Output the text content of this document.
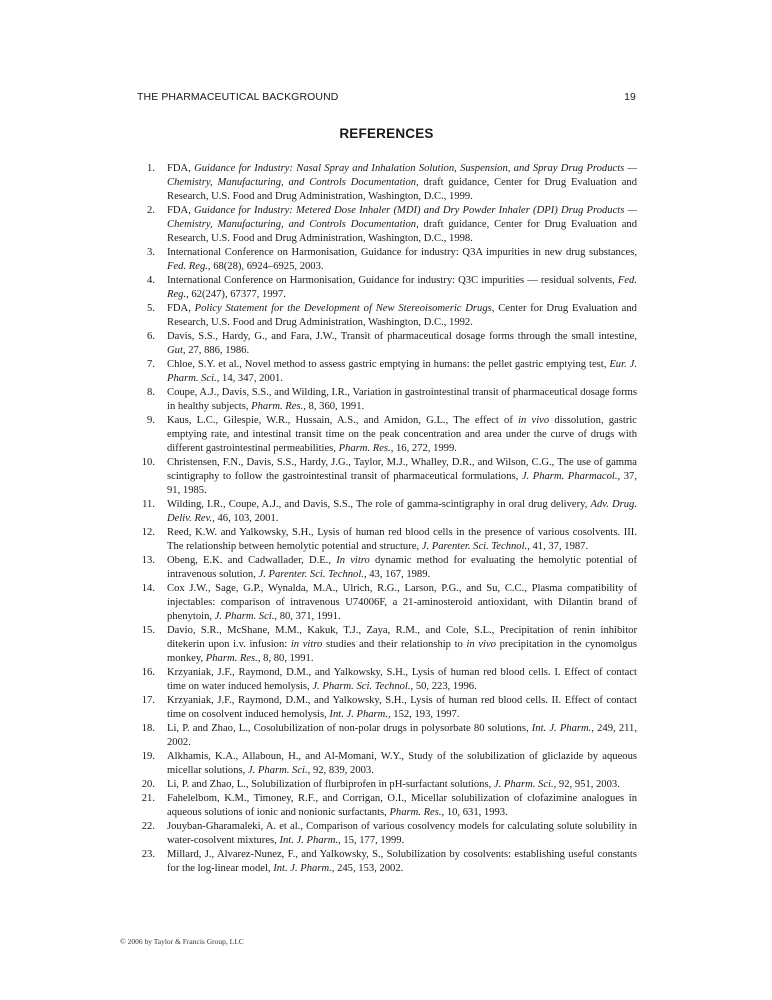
THE PHARMACEUTICAL BACKGROUND	19
REFERENCES
1. FDA, Guidance for Industry: Nasal Spray and Inhalation Solution, Suspension, and Spray Drug Products — Chemistry, Manufacturing, and Controls Documentation, draft guidance, Center for Drug Evaluation and Research, U.S. Food and Drug Administration, Washington, D.C., 1999.
2. FDA, Guidance for Industry: Metered Dose Inhaler (MDI) and Dry Powder Inhaler (DPI) Drug Products — Chemistry, Manufacturing, and Controls Documentation, draft guidance, Center for Drug Evaluation and Research, U.S. Food and Drug Administration, Washington, D.C., 1998.
3. International Conference on Harmonisation, Guidance for industry: Q3A impurities in new drug substances, Fed. Reg., 68(28), 6924–6925, 2003.
4. International Conference on Harmonisation, Guidance for industry: Q3C impurities — residual solvents, Fed. Reg., 62(247), 67377, 1997.
5. FDA, Policy Statement for the Development of New Stereoisomeric Drugs, Center for Drug Evaluation and Research, U.S. Food and Drug Administration, Washington, D.C., 1992.
6. Davis, S.S., Hardy, G., and Fara, J.W., Transit of pharmaceutical dosage forms through the small intestine, Gut, 27, 886, 1986.
7. Chloe, S.Y. et al., Novel method to assess gastric emptying in humans: the pellet gastric emptying test, Eur. J. Pharm. Sci., 14, 347, 2001.
8. Coupe, A.J., Davis, S.S., and Wilding, I.R., Variation in gastrointestinal transit of pharmaceutical dosage forms in healthy subjects, Pharm. Res., 8, 360, 1991.
9. Kaus, L.C., Gilespie, W.R., Hussain, A.S., and Amidon, G.L., The effect of in vivo dissolution, gastric emptying rate, and intestinal transit time on the peak concentration and area under the curve of drugs with different gastrointestinal permeabilities, Pharm. Res., 16, 272, 1999.
10. Christensen, F.N., Davis, S.S., Hardy, J.G., Taylor, M.J., Whalley, D.R., and Wilson, C.G., The use of gamma scintigraphy to follow the gastrointestinal transit of pharmaceutical formulations, J. Pharm. Pharmacol., 37, 91, 1985.
11. Wilding, I.R., Coupe, A.J., and Davis, S.S., The role of gamma-scintigraphy in oral drug delivery, Adv. Drug. Deliv. Rev., 46, 103, 2001.
12. Reed, K.W. and Yalkowsky, S.H., Lysis of human red blood cells in the presence of various cosolvents. III. The relationship between hemolytic potential and structure, J. Parenter. Sci. Technol., 41, 37, 1987.
13. Obeng, E.K. and Cadwallader, D.E., In vitro dynamic method for evaluating the hemolytic potential of intravenous solution, J. Parenter. Sci. Technol., 43, 167, 1989.
14. Cox J.W., Sage, G.P., Wynalda, M.A., Ulrich, R.G., Larson, P.G., and Su, C.C., Plasma compatibility of injectables: comparison of intravenous U74006F, a 21-aminosteroid antioxidant, with Dilantin brand of phenytoin, J. Pharm. Sci., 80, 371, 1991.
15. Davio, S.R., McShane, M.M., Kakuk, T.J., Zaya, R.M., and Cole, S.L., Precipitation of renin inhibitor ditekerin upon i.v. infusion: in vitro studies and their relationship to in vivo precipitation in the cynomolgus monkey, Pharm. Res., 8, 80, 1991.
16. Krzyaniak, J.F., Raymond, D.M., and Yalkowsky, S.H., Lysis of human red blood cells. I. Effect of contact time on water induced hemolysis, J. Pharm. Sci. Technol., 50, 223, 1996.
17. Krzyaniak, J.F., Raymond, D.M., and Yalkowsky, S.H., Lysis of human red blood cells. II. Effect of contact time on cosolvent induced hemolysis, Int. J. Pharm., 152, 193, 1997.
18. Li, P. and Zhao, L., Cosolubilization of non-polar drugs in polysorbate 80 solutions, Int. J. Pharm., 249, 211, 2002.
19. Alkhamis, K.A., Allaboun, H., and Al-Momani, W.Y., Study of the solubilization of gliclazide by aqueous micellar solutions, J. Pharm. Sci., 92, 839, 2003.
20. Li, P. and Zhao, L., Solubilization of flurbiprofen in pH-surfactant solutions, J. Pharm. Sci., 92, 951, 2003.
21. Fahelelbom, K.M., Timoney, R.F., and Corrigan, O.I., Micellar solubilization of clofazimine analogues in aqueous solutions of ionic and nonionic surfactants, Pharm. Res., 10, 631, 1993.
22. Jouyban-Gharamaleki, A. et al., Comparison of various cosolvency models for calculating solute solubility in water-cosolvent mixtures, Int. J. Pharm., 15, 177, 1999.
23. Millard, J., Alvarez-Nunez, F., and Yalkowsky, S., Solubilization by cosolvents: establishing useful constants for the log-linear model, Int. J. Pharm., 245, 153, 2002.
© 2006 by Taylor & Francis Group, LLC
